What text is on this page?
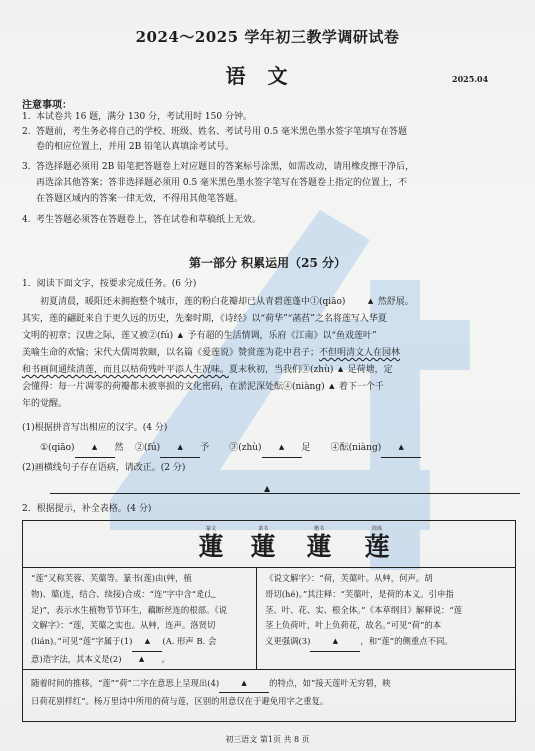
2024～2025 学年初三教学调研试卷
语文	2025.04
注意事项：
1. 本试卷共 16 题，满分 130 分，考试用时 150 分钟。
2. 答题前，考生务必将自己的学校、班级、姓名、考试号用 0.5 毫米黑色墨水签字笔填写在答题
卷的相应位置上，并用 2B 铅笔认真填涂考试号。
3. 答选择题必须用 2B 铅笔把答题卷上对应题目的答案标号涂黑，如需改动，请用橡皮擦干净后，
再选涂其他答案；答非选择题必须用 0.5 毫米黑色墨水签字笔写在答题卷上指定的位置上，不
在答题区域内的答案一律无效，不得用其他笔答题。
4. 考生答题必须答在答题卷上，答在试卷和草稿纸上无效。
第一部分 积累运用（25 分）
1．阅读下面文字，按要求完成任务。(6 分)
初夏清晨，暖阳还未拥抱整个城市，莲的粉白花瓣却已从青碧莲蓬中①(qiāo)	▲  然舒展。
其实，莲的翩跹来自于更久远的历史，先秦时期，《诗经》以“荷华”“菡萏”之名将莲写入华夏
文明的初章；汉唐之际，莲又被②(fú)  ▲  予有超的生活情调，乐府《江南》以“鱼戏莲叶”
美喻生命的欢愉；宋代大儒周敦颐，以名篇《爱莲说》赞赏莲为花中君子；不但明清文人在园林
和书画间通续清莲，而且以枯荷残叶平添人生况味。夏末秋初，当我们③(zhù)  ▲  足荷塘，定
会懂得：每一片凋零的荷瓣都未被辜损的文化密码，在淤泥深处酝④(niàng)  ▲  着下一个千
年的觉醒。
(1)根据拼音写出相应的汉字。(4 分)
①(qiāo) ▲ 然 ②(fú) ▲ 予 ③(zhù) ▲ 足 ④酝(niàng) ▲
(2)画横线句子存在语病，请改正。(2 分)
▲
2．根据提示，补全表格。(4 分)
篆文
蓮
隶书
蓮
楷书
蓮
简体
莲
“莲”又称芙蓉、芙蕖等。篆书(莲)由(艸，植
物)、蕖(连，结合、续接)合成：“连”字中含“辵(辶
足)”，表示水生植物节节环生，藕断丝连的根部。《说
文解字》：“莲，芙蕖之实也。从艸，连声。洛贤切
(lián)。”可见“莲”字属于(1) ▲ (A. 形声 B. 会
意)造字法，其本义是(2) ▲ 。
《说文解字》：“荷，芙蕖叶。从艸，何声。胡
哥切(hé)。”其注释：“芙蕖叶，是荷的本义。引申指
茎、叶、花、实、根全体。”《本草纲目》解释说：“莲
茎上负荷叶，叶上负荷花，故名。”可见“荷”的本
义更强调(3)	▲	，和“莲”的侧重点不同。
随着时间的推移，“莲”“荷”二字在意思上呈现出(4)	▲	的特点，如“接天莲叶无穷碧，映
日荷花别样红”。杨万里诗中所用的荷与莲，区别的用意仅在于避免用字之重复。
初三语文 第1页 共 8 页
